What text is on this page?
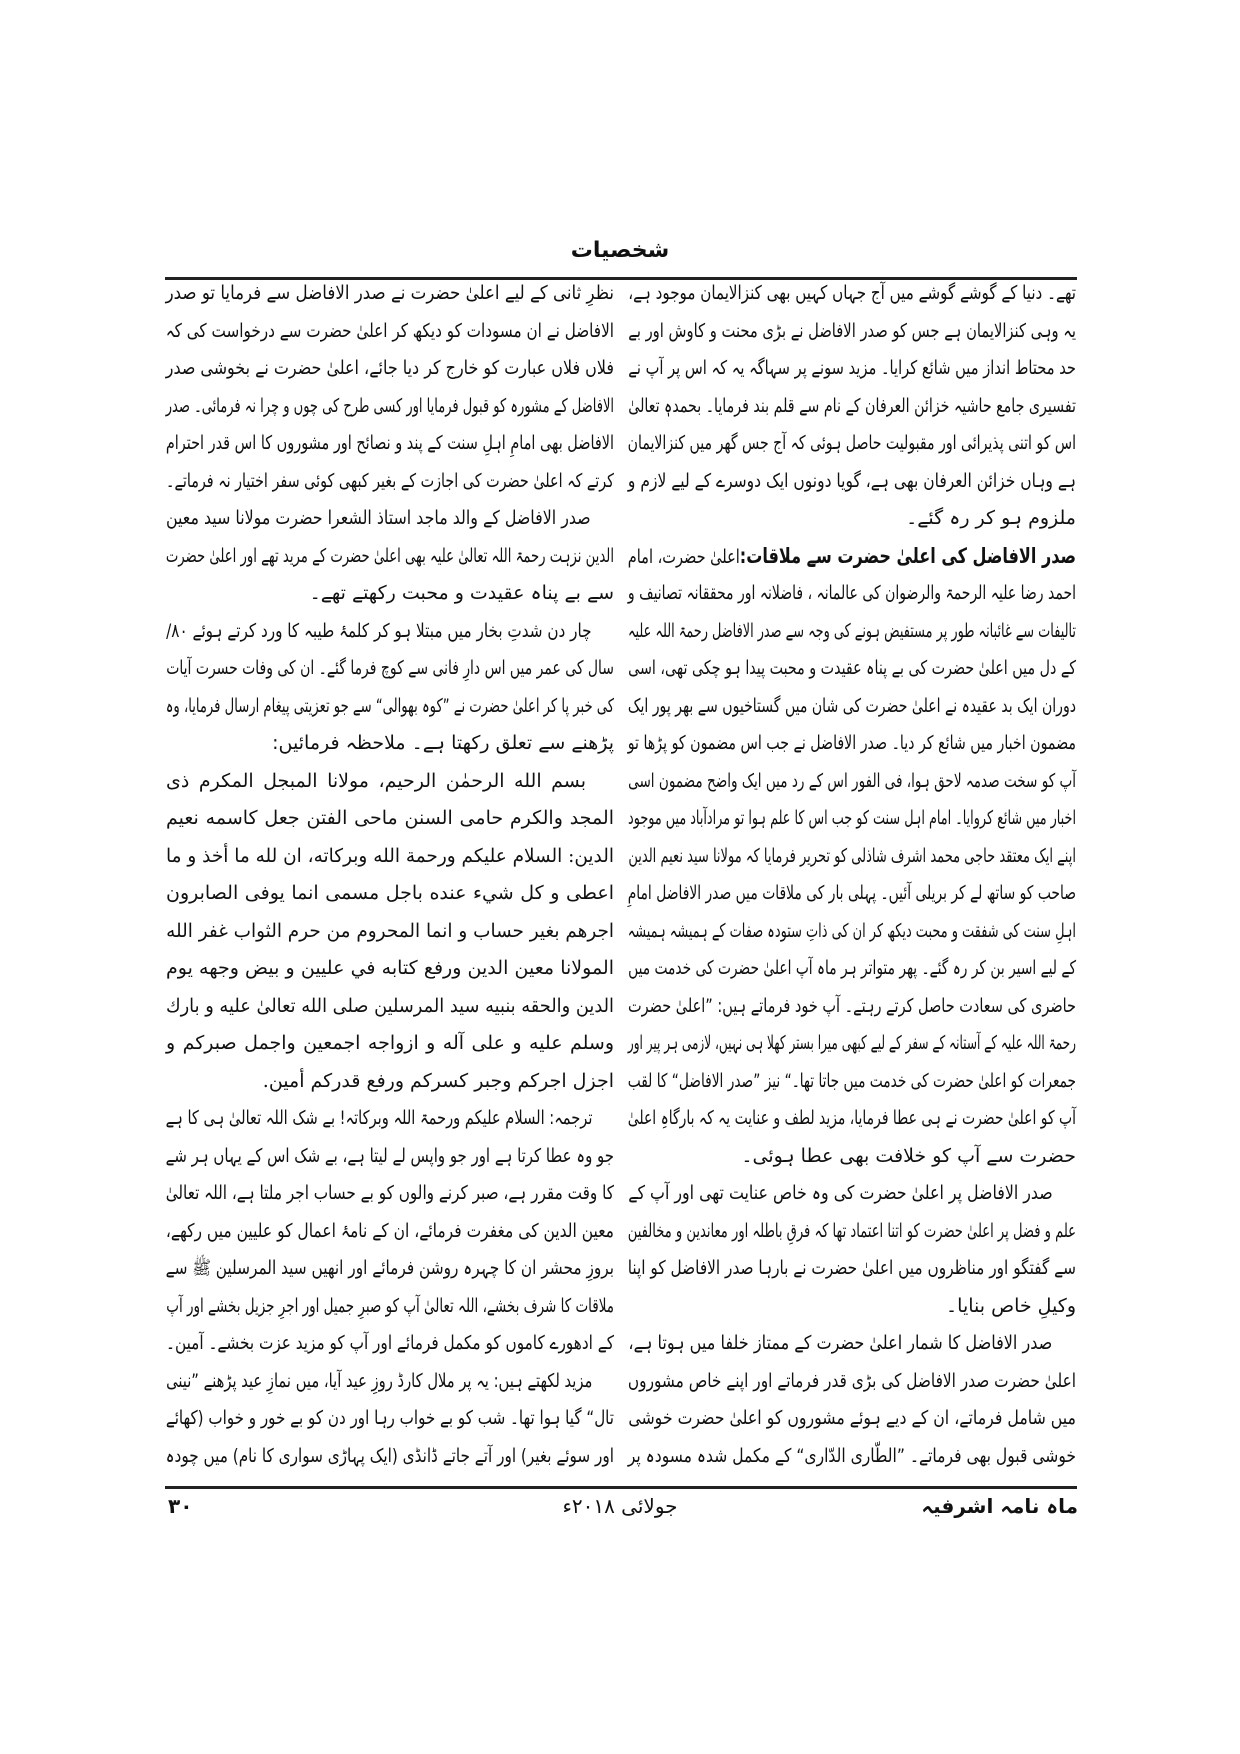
شخصیات
تھے۔ دنیا کے گوشے گوشے میں آج جہاں کہیں بھی کنزالایمان موجود ہے،
یہ وہی کنزالایمان ہے جس کو صدر الافاضل نے بڑی محنت و کاوش اور بے
حد محتاط انداز میں شائع کرایا۔ مزید سونے پر سہاگہ یہ کہ اس پر آپ نے
تفسیری جامع حاشیہ خزائن العرفان کے نام سے قلم بند فرمایا۔ بحمدہٖ تعالیٰ
اس کو اتنی پذیرائی اور مقبولیت حاصل ہوئی کہ آج جس گھر میں کنزالایمان
ہے وہاں خزائن العرفان بھی ہے، گویا دونوں ایک دوسرے کے لیے لازم و
ملزوم ہو کر رہ گئے۔
صدر الافاضل کی اعلیٰ حضرت سے ملاقات:اعلیٰ حضرت، امام
احمد رضا علیہ الرحمۃ والرضوان کی عالمانہ ، فاضلانہ اور محققانہ تصانیف و
تالیفات سے غائبانہ طور پر مستفیض ہونے کی وجہ سے صدر الافاضل رحمۃ اللہ علیہ
کے دل میں اعلیٰ حضرت کی بے پناہ عقیدت و محبت پیدا ہو چکی تھی، اسی
دوران ایک بد عقیدہ نے اعلیٰ حضرت کی شان میں گستاخیوں سے بھر پور ایک
مضمون اخبار میں شائع کر دیا۔ صدر الافاضل نے جب اس مضمون کو پڑھا تو
آپ کو سخت صدمہ لاحق ہوا، فی الفور اس کے رد میں ایک واضح مضمون اسی
اخبار میں شائع کروایا۔ امام اہل سنت کو جب اس کا علم ہوا تو مرادآباد میں موجود
اپنے ایک معتقد حاجی محمد اشرف شاذلی کو تحریر فرمایا کہ مولانا سید نعیم الدین
صاحب کو ساتھ لے کر بریلی آئیں۔ پہلی بار کی ملاقات میں صدر الافاضل امامِ
اہلِ سنت کی شفقت و محبت دیکھ کر ان کی ذاتِ ستودہ صفات کے ہمیشہ ہمیشہ
کے لیے اسیر بن کر رہ گئے۔ پھر متواتر ہر ماہ آپ اعلیٰ حضرت کی خدمت میں
حاضری کی سعادت حاصل کرتے رہتے۔ آپ خود فرماتے ہیں: ”اعلیٰ حضرت
رحمۃ اللہ علیہ کے آستانہ کے سفر کے لیے کبھی میرا بستر کھلا ہی نہیں، لازمی ہر پیر اور
جمعرات کو اعلیٰ حضرت کی خدمت میں جاتا تھا۔“ نیز ”صدر الافاضل“ کا لقب
آپ کو اعلیٰ حضرت نے ہی عطا فرمایا، مزید لطف و عنایت یہ کہ بارگاہِ اعلیٰ
حضرت سے آپ کو خلافت بھی عطا ہوئی۔
صدر الافاضل پر اعلیٰ حضرت کی وہ خاص عنایت تھی اور آپ کے
علم و فضل پر اعلیٰ حضرت کو اتنا اعتماد تھا کہ فرقِ باطلہ اور معاندین و مخالفین
سے گفتگو اور مناظروں میں اعلیٰ حضرت نے بارہا صدر الافاضل کو اپنا
وکیلِ خاص بنایا۔
صدر الافاضل کا شمار اعلیٰ حضرت کے ممتاز خلفا میں ہوتا ہے،
اعلیٰ حضرت صدر الافاضل کی بڑی قدر فرماتے اور اپنے خاص مشوروں
میں شامل فرماتے، ان کے دیے ہوئے مشوروں کو اعلیٰ حضرت خوشی
خوشی قبول بھی فرماتے۔ ”الطّاری الدّاری“ کے مکمل شدہ مسودہ پر
نظرِ ثانی کے لیے اعلیٰ حضرت نے صدر الافاضل سے فرمایا تو صدر
الافاضل نے ان مسودات کو دیکھ کر اعلیٰ حضرت سے درخواست کی کہ
فلاں فلاں عبارت کو خارج کر دیا جائے، اعلیٰ حضرت نے بخوشی صدر
الافاضل کے مشورہ کو قبول فرمایا اور کسی طرح کی چوں و چرا نہ فرمائی۔ صدر
الافاضل بھی امامِ اہلِ سنت کے پند و نصائح اور مشوروں کا اس قدر احترام
کرتے کہ اعلیٰ حضرت کی اجازت کے بغیر کبھی کوئی سفر اختیار نہ فرماتے۔
صدر الافاضل کے والد ماجد استاذ الشعرا حضرت مولانا سید معین
الدین نزہت رحمۃ اللہ تعالیٰ علیہ بھی اعلیٰ حضرت کے مرید تھے اور اعلیٰ حضرت
سے بے پناہ عقیدت و محبت رکھتے تھے۔
چار دن شدتِ بخار میں مبتلا ہو کر کلمۂ طیبہ کا ورد کرتے ہوئے ۸۰/
سال کی عمر میں اس دارِ فانی سے کوچ فرما گئے۔ ان کی وفات حسرت آیات
کی خبر پا کر اعلیٰ حضرت نے ”کوہ بھوالی“ سے جو تعزیتی پیغام ارسال فرمایا، وہ
پڑھنے سے تعلق رکھتا ہے۔ ملاحظہ فرمائیں:
بسم الله الرحمٰن الرحيم، مولانا المبجل المكرم ذی
المجد والكرم حامی السنن ماحی الفتن جعل كاسمه نعيم
الدين: السلام عليكم ورحمة الله وبركاته، ان لله ما أخذ و ما
اعطى و كل شيء عنده باجل مسمى انما يوفى الصابرون
اجرهم بغير حساب و انما المحروم من حرم الثواب غفر الله
المولانا معين الدين ورفع كتابه في عليين و بيض وجهه يوم
الدين والحقه بنبيه سيد المرسلين صلى الله تعالىٰ عليه و بارك
وسلم عليه و على آله و ازواجه اجمعين واجمل صبركم و
اجزل اجركم وجبر كسركم ورفع قدركم أمين.
ترجمہ: السلام علیکم ورحمۃ اللہ وبرکاتہ! بے شک اللہ تعالیٰ ہی کا ہے
جو وہ عطا کرتا ہے اور جو واپس لے لیتا ہے، بے شک اس کے یہاں ہر شے
کا وقت مقرر ہے، صبر کرنے والوں کو بے حساب اجر ملتا ہے، اللہ تعالیٰ
معین الدین کی مغفرت فرمائے، ان کے نامۂ اعمال کو علیین میں رکھے،
بروزِ محشر ان کا چہرہ روشن فرمائے اور انھیں سید المرسلین ﷺ سے
ملاقات کا شرف بخشے، اللہ تعالیٰ آپ کو صبرِ جمیل اور اجرِ جزیل بخشے اور آپ
کے ادھورے کاموں کو مکمل فرمائے اور آپ کو مزید عزت بخشے۔ آمین۔
مزید لکھتے ہیں: یہ پر ملال کارڈ روزِ عید آیا، میں نمازِ عید پڑھنے ”نینی
تال“ گیا ہوا تھا۔ شب کو بے خواب رہا اور دن کو بے خور و خواب (کھائے
اور سوئے بغیر) اور آتے جاتے ڈانڈی (ایک پہاڑی سواری کا نام) میں چودہ
ماہ نامہ اشرفیہ
جولائی ۲۰۱۸ء
۳۰
